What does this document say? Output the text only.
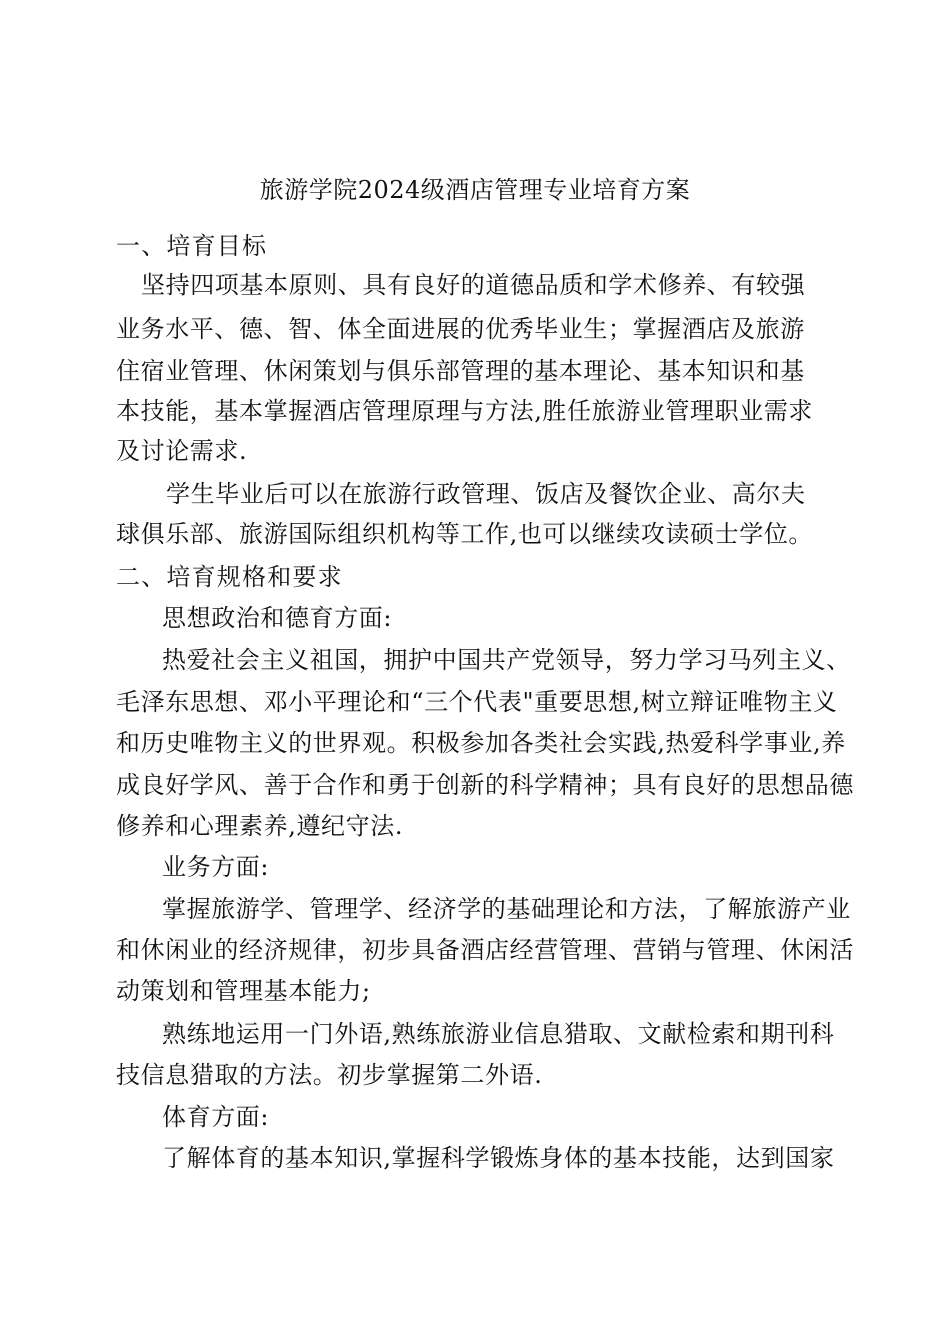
旅游学院2024级酒店管理专业培育方案
一、培育目标
坚持四项基本原则、具有良好的道德品质和学术修养、有较强
业务水平、德、智、体全面进展的优秀毕业生；掌握酒店及旅游
住宿业管理、休闲策划与俱乐部管理的基本理论、基本知识和基
本技能，基本掌握酒店管理原理与方法,胜任旅游业管理职业需求
及讨论需求.
学生毕业后可以在旅游行政管理、饭店及餐饮企业、高尔夫
球俱乐部、旅游国际组织机构等工作,也可以继续攻读硕士学位。
二、培育规格和要求
思想政治和德育方面:
热爱社会主义祖国，拥护中国共产党领导，努力学习马列主义、
毛泽东思想、邓小平理论和“三个代表"重要思想,树立辩证唯物主义
和历史唯物主义的世界观。积极参加各类社会实践,热爱科学事业,养
成良好学风、善于合作和勇于创新的科学精神；具有良好的思想品德
修养和心理素养,遵纪守法.
业务方面:
掌握旅游学、管理学、经济学的基础理论和方法，了解旅游产业
和休闲业的经济规律，初步具备酒店经营管理、营销与管理、休闲活
动策划和管理基本能力;
熟练地运用一门外语,熟练旅游业信息猎取、文献检索和期刊科
技信息猎取的方法。初步掌握第二外语.
体育方面:
了解体育的基本知识,掌握科学锻炼身体的基本技能，达到国家
